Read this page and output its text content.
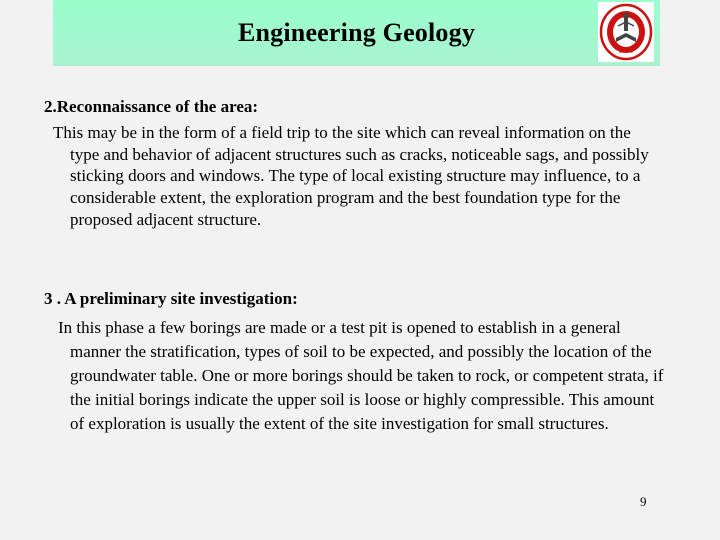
Engineering Geology
•••••

2.Reconnaissance of the area:

This may be in the form of a field trip to the site which can reveal information on the type and behavior of adjacent structures such as cracks, noticeable sags, and possibly sticking doors and windows. The type of local existing structure may influence, to a considerable extent, the exploration program and the best foundation type for the proposed adjacent structure.

3 . A preliminary site investigation:

In this phase a few borings are made or a test pit is opened to establish in a general manner the stratification, types of soil to be expected, and possibly the location of the groundwater table. One or more borings should be taken to rock, or competent strata, if the initial borings indicate the upper soil is loose or highly compressible. This amount of exploration is usually the extent of the site investigation for small structures.

9
